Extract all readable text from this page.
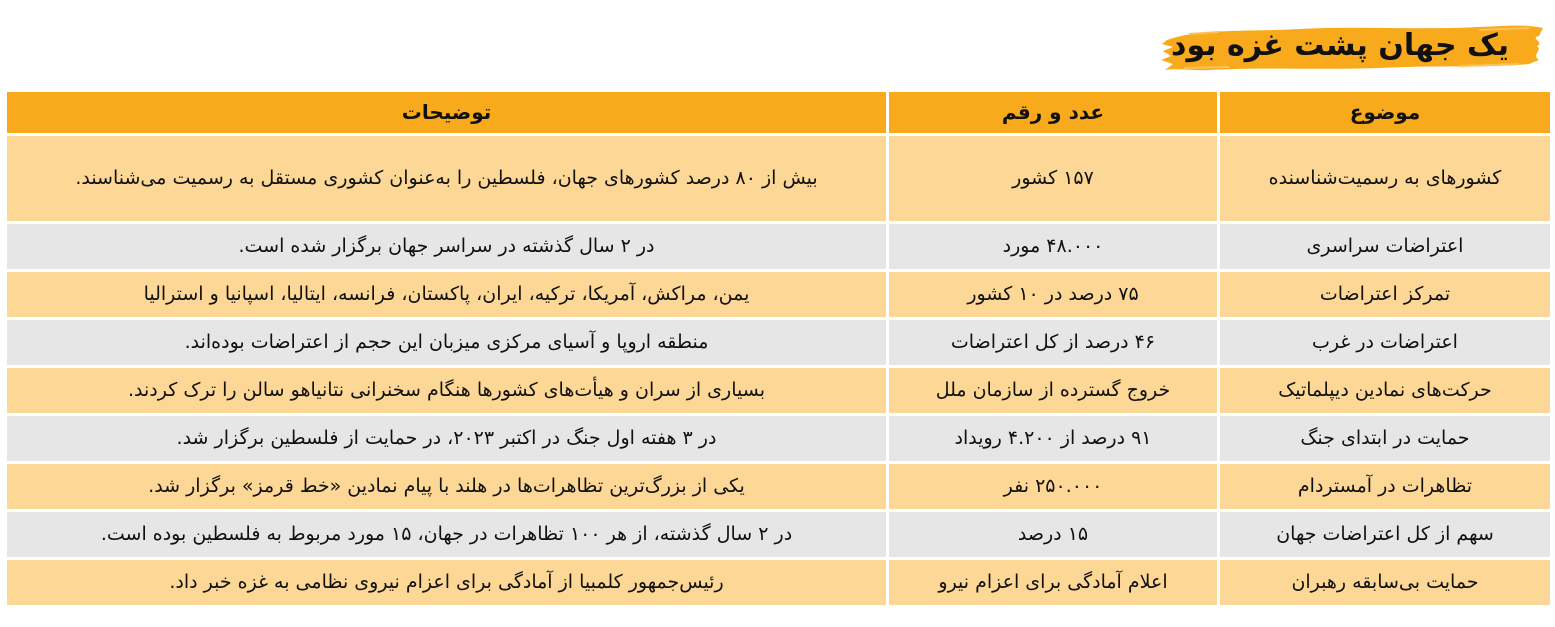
یک جهان پشت غزه بود
موضوع	عدد و رقم	توضیحات
کشورهای به رسمیت‌شناسنده	۱۵۷ کشور	بیش از ۸۰ درصد کشورهای جهان، فلسطین را به‌عنوان کشوری مستقل به رسمیت می‌شناسند.
اعتراضات سراسری	۴۸.۰۰۰ مورد	در ۲ سال گذشته در سراسر جهان برگزار شده است.
تمرکز اعتراضات	۷۵ درصد در ۱۰ کشور	یمن، مراکش، آمریکا، ترکیه، ایران، پاکستان، فرانسه، ایتالیا، اسپانیا و استرالیا
اعتراضات در غرب	۴۶ درصد از کل اعتراضات	منطقه اروپا و آسیای مرکزی میزبان این حجم از اعتراضات بوده‌اند.
حرکت‌های نمادین دیپلماتیک	خروج گسترده از سازمان ملل	بسیاری از سران و هیأت‌های کشورها هنگام سخنرانی نتانیاهو سالن را ترک کردند.
حمایت در ابتدای جنگ	۹۱ درصد از ۴.۲۰۰ رویداد	در ۳ هفته اول جنگ در اکتبر ۲۰۲۳، در حمایت از فلسطین برگزار شد.
تظاهرات در آمستردام	۲۵۰.۰۰۰ نفر	یکی از بزرگ‌ترین تظاهرات‌ها در هلند با پیام نمادین «خط قرمز» برگزار شد.
سهم از کل اعتراضات جهان	۱۵ درصد	در ۲ سال گذشته، از هر ۱۰۰ تظاهرات در جهان، ۱۵ مورد مربوط به فلسطین بوده است.
حمایت بی‌سابقه رهبران	اعلام آمادگی برای اعزام نیرو	رئیس‌جمهور کلمبیا از آمادگی برای اعزام نیروی نظامی به غزه خبر داد.
